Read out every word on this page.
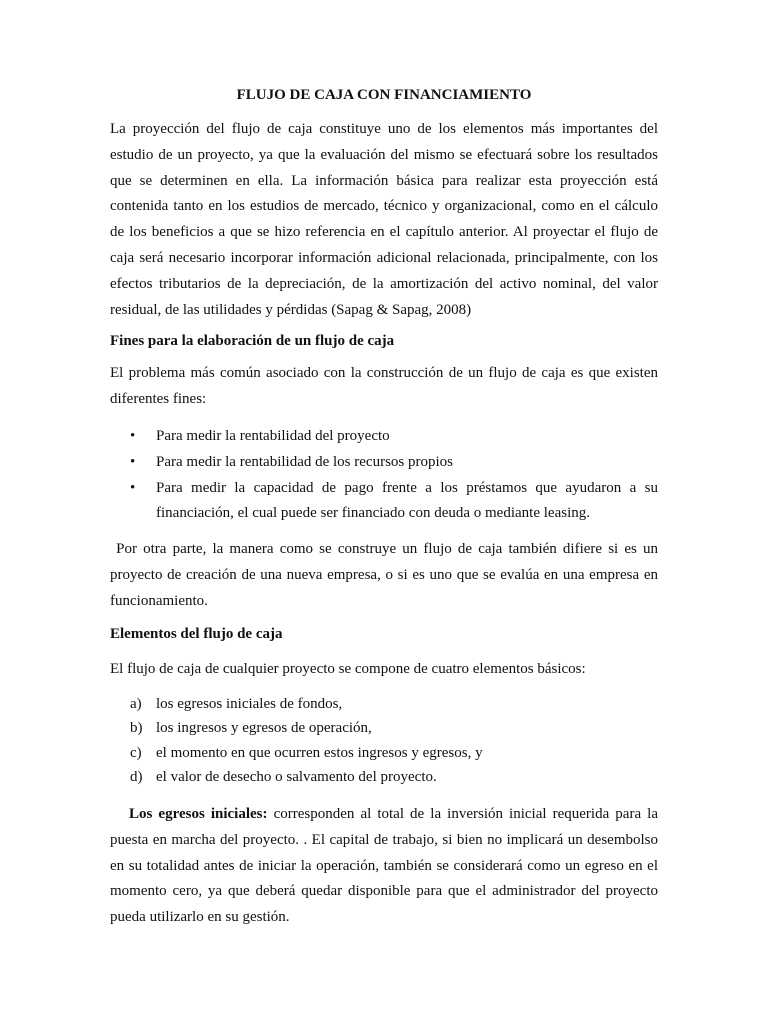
FLUJO DE CAJA CON FINANCIAMIENTO

La proyección del flujo de caja constituye uno de los elementos más importantes del estudio de un proyecto, ya que la evaluación del mismo se efectuará sobre los resultados que se determinen en ella. La información básica para realizar esta proyección está contenida tanto en los estudios de mercado, técnico y organizacional, como en el cálculo de los beneficios a que se hizo referencia en el capítulo anterior. Al proyectar el flujo de caja será necesario incorporar información adicional relacionada, principalmente, con los efectos tributarios de la depreciación, de la amortización del activo nominal, del valor residual, de las utilidades y pérdidas (Sapag & Sapag, 2008)

Fines para la elaboración de un flujo de caja

El problema más común asociado con la construcción de un flujo de caja es que existen diferentes fines:

• Para medir la rentabilidad del proyecto
• Para medir la rentabilidad de los recursos propios
• Para medir la capacidad de pago frente a los préstamos que ayudaron a su financiación, el cual puede ser financiado con deuda o mediante leasing.

Por otra parte, la manera como se construye un flujo de caja también difiere si es un proyecto de creación de una nueva empresa, o si es uno que se evalúa en una empresa en funcionamiento.

Elementos del flujo de caja

El flujo de caja de cualquier proyecto se compone de cuatro elementos básicos:

a) los egresos iniciales de fondos,
b) los ingresos y egresos de operación,
c) el momento en que ocurren estos ingresos y egresos, y
d) el valor de desecho o salvamento del proyecto.

Los egresos iniciales: corresponden al total de la inversión inicial requerida para la puesta en marcha del proyecto. . El capital de trabajo, si bien no implicará un desembolso en su totalidad antes de iniciar la operación, también se considerará como un egreso en el momento cero, ya que deberá quedar disponible para que el administrador del proyecto pueda utilizarlo en su gestión.
